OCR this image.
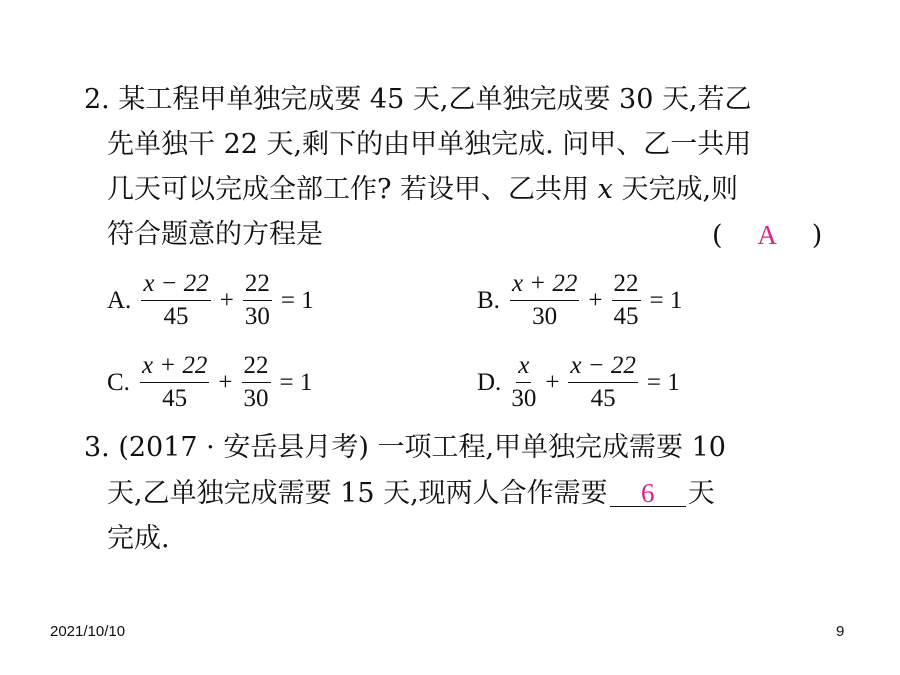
2. 某工程甲单独完成要 45 天,乙单独完成要 30 天,若乙
先单独干 22 天,剩下的由甲单独完成. 问甲、乙一共用
几天可以完成全部工作? 若设甲、乙共用 x 天完成,则
符合题意的方程是	( A )
A. $\frac{x - 22}{45} + \frac{22}{30} = 1$	B. $\frac{x + 22}{30} + \frac{22}{45} = 1$
C. $\frac{x + 22}{45} + \frac{22}{30} = 1$	D. $\frac{x}{30} + \frac{x - 22}{45} = 1$
3. (2017 · 安岳县月考) 一项工程,甲单独完成需要 10
天,乙单独完成需要 15 天,现两人合作需要 6 天
完成.
2021/10/10	9
